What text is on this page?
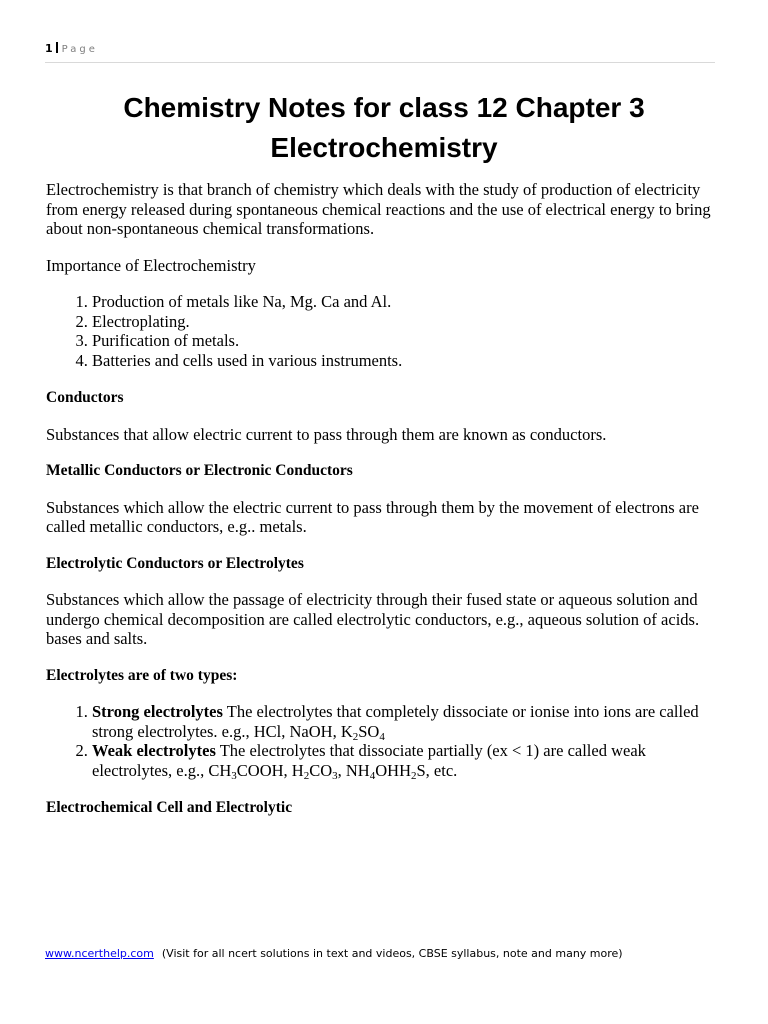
1 Page
Chemistry Notes for class 12 Chapter 3
Electrochemistry

Electrochemistry is that branch of chemistry which deals with the study of production of electricity from energy released during spontaneous chemical reactions and the use of electrical energy to bring about non-spontaneous chemical transformations.

Importance of Electrochemistry

1. Production of metals like Na, Mg. Ca and Al.
2. Electroplating.
3. Purification of metals.
4. Batteries and cells used in various instruments.

Conductors

Substances that allow electric current to pass through them are known as conductors.

Metallic Conductors or Electronic Conductors

Substances which allow the electric current to pass through them by the movement of electrons are called metallic conductors, e.g.. metals.

Electrolytic Conductors or Electrolytes

Substances which allow the passage of electricity through their fused state or aqueous solution and undergo chemical decomposition are called electrolytic conductors, e.g., aqueous solution of acids. bases and salts.

Electrolytes are of two types:

1. Strong electrolytes The electrolytes that completely dissociate or ionise into ions are called strong electrolytes. e.g., HCl, NaOH, $K_2SO_4$
2. Weak electrolytes The electrolytes that dissociate partially (ex < 1) are called weak electrolytes, e.g., $CH_3COOH$, $H_2CO_3$, $NH_4OHH_2S$, etc.

Electrochemical Cell and Electrolytic

www.ncerthelp.com (Visit for all ncert solutions in text and videos, CBSE syllabus, note and many more)
